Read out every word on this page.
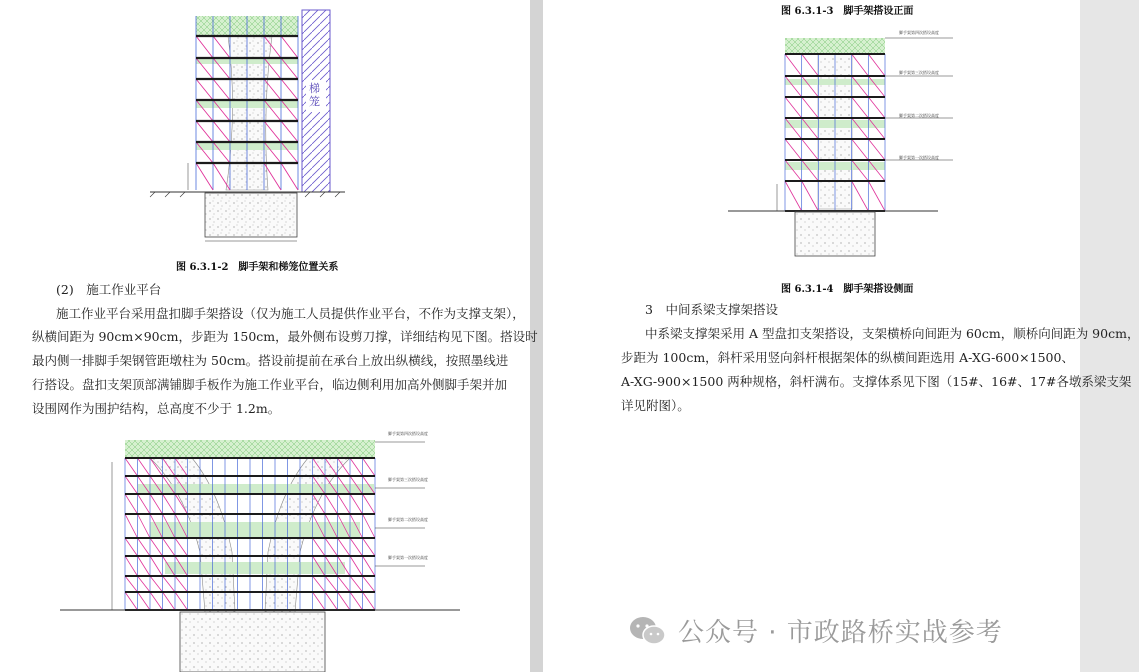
梯笼
图 6.3.1-2　脚手架和梯笼位置关系
(2)　施工作业平台
施工作业平台采用盘扣脚手架搭设（仅为施工人员提供作业平台，不作为支撑支架），
纵横间距为 90cm×90cm，步距为 150cm，最外侧布设剪刀撑，详细结构见下图。搭设时
最内侧一排脚手架钢管距墩柱为 50cm。搭设前提前在承台上放出纵横线，按照墨线进
行搭设。盘扣支架顶部满铺脚手板作为施工作业平台，临边侧利用加高外侧脚手架并加
设围网作为围护结构，总高度不少于 1.2m。
脚手架第四次搭设高度
脚手架第三次搭设高度
脚手架第二次搭设高度
脚手架第一次搭设高度
图 6.3.1-3　脚手架搭设正面
脚手架第四次搭设高度
脚手架第三次搭设高度
脚手架第二次搭设高度
脚手架第一次搭设高度
图 6.3.1-4　脚手架搭设侧面
3　中间系梁支撑架搭设
中系梁支撑架采用 A 型盘扣支架搭设，支架横桥向间距为 60cm，顺桥向间距为 90cm，
步距为 100cm，斜杆采用竖向斜杆根据架体的纵横间距选用 A-XG-600×1500、
A-XG-900×1500 两种规格，斜杆满布。支撑体系见下图（15#、16#、17#各墩系梁支架
详见附图）。
公众号 · 市政路桥实战参考
